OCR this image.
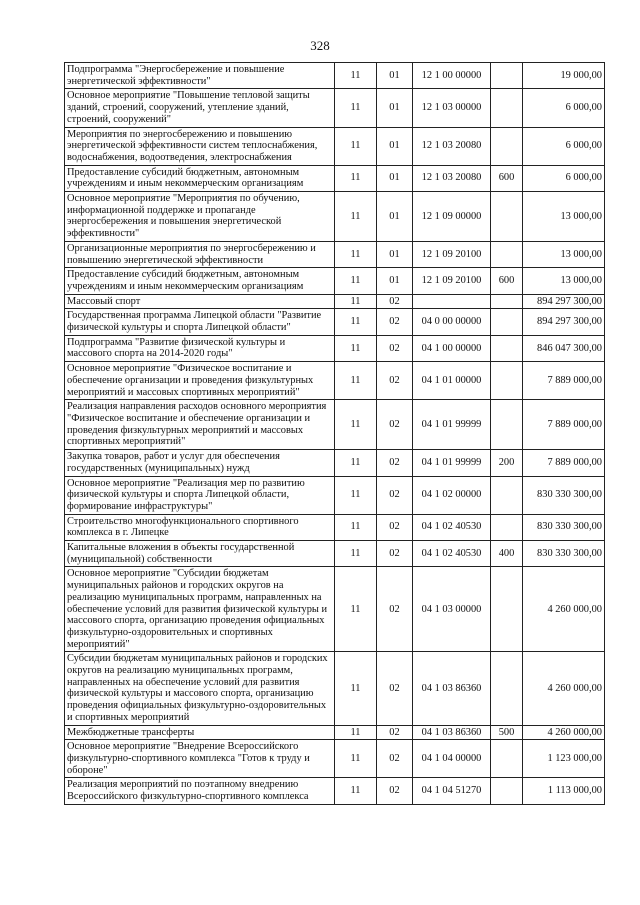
328
Подпрограмма "Энергосбережение и повышение энергетической эффективности"	11	01	12 1 00 00000		19 000,00
Основное мероприятие "Повышение тепловой защиты зданий, строений, сооружений, утепление зданий, строений, сооружений"	11	01	12 1 03 00000		6 000,00
Мероприятия по энергосбережению и повышению энергетической эффективности систем теплоснабжения, водоснабжения, водоотведения, электроснабжения	11	01	12 1 03 20080		6 000,00
Предоставление субсидий бюджетным, автономным учреждениям и иным некоммерческим организациям	11	01	12 1 03 20080	600	6 000,00
Основное мероприятие "Мероприятия по обучению, информационной поддержке и пропаганде энергосбережения и повышения энергетической эффективности"	11	01	12 1 09 00000		13 000,00
Организационные мероприятия по энергосбережению и повышению энергетической эффективности	11	01	12 1 09 20100		13 000,00
Предоставление субсидий бюджетным, автономным учреждениям и иным некоммерческим организациям	11	01	12 1 09 20100	600	13 000,00
Массовый спорт	11	02			894 297 300,00
Государственная программа Липецкой области "Развитие физической культуры и спорта Липецкой области"	11	02	04 0 00 00000		894 297 300,00
Подпрограмма "Развитие физической культуры и массового спорта на 2014-2020 годы"	11	02	04 1 00 00000		846 047 300,00
Основное мероприятие "Физическое воспитание и обеспечение организации и проведения физкультурных мероприятий и массовых спортивных мероприятий"	11	02	04 1 01 00000		7 889 000,00
Реализация направления расходов основного мероприятия "Физическое воспитание и обеспечение организации и проведения физкультурных мероприятий и массовых спортивных мероприятий"	11	02	04 1 01 99999		7 889 000,00
Закупка товаров, работ и услуг для обеспечения государственных (муниципальных) нужд	11	02	04 1 01 99999	200	7 889 000,00
Основное мероприятие "Реализация мер по развитию физической культуры и спорта Липецкой области, формирование инфраструктуры"	11	02	04 1 02 00000		830 330 300,00
Строительство многофункционального спортивного комплекса в г. Липецке	11	02	04 1 02 40530		830 330 300,00
Капитальные вложения в объекты государственной (муниципальной) собственности	11	02	04 1 02 40530	400	830 330 300,00
Основное мероприятие "Субсидии бюджетам муниципальных районов и городских округов на реализацию муниципальных программ, направленных на обеспечение условий для развития физической культуры и массового спорта, организацию проведения официальных физкультурно-оздоровительных и спортивных мероприятий"	11	02	04 1 03 00000		4 260 000,00
Субсидии бюджетам муниципальных районов и городских округов на реализацию муниципальных программ, направленных на обеспечение условий для развития физической культуры и массового спорта, организацию проведения официальных физкультурно-оздоровительных и спортивных мероприятий	11	02	04 1 03 86360		4 260 000,00
Межбюджетные трансферты	11	02	04 1 03 86360	500	4 260 000,00
Основное мероприятие "Внедрение Всероссийского физкультурно-спортивного комплекса "Готов к труду и обороне"	11	02	04 1 04 00000		1 123 000,00
Реализация мероприятий по поэтапному внедрению Всероссийского физкультурно-спортивного комплекса	11	02	04 1 04 51270		1 113 000,00
